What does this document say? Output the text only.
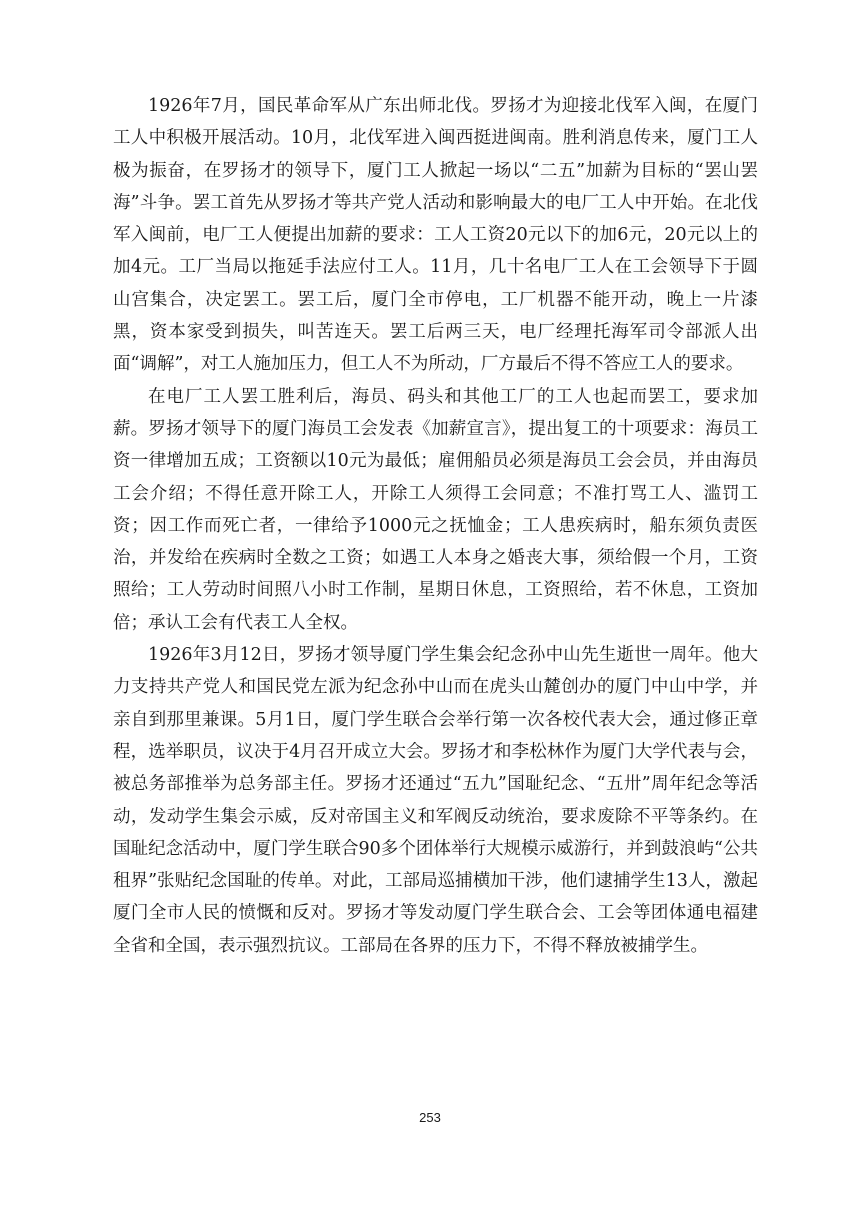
1926年7月，国民革命军从广东出师北伐。罗扬才为迎接北伐军入闽，在厦门工人中积极开展活动。10月，北伐军进入闽西挺进闽南。胜利消息传来，厦门工人极为振奋，在罗扬才的领导下，厦门工人掀起一场以“二五”加薪为目标的“罢山罢海”斗争。罢工首先从罗扬才等共产党人活动和影响最大的电厂工人中开始。在北伐军入闽前，电厂工人便提出加薪的要求：工人工资20元以下的加6元，20元以上的加4元。工厂当局以拖延手法应付工人。11月，几十名电厂工人在工会领导下于圆山宫集合，决定罢工。罢工后，厦门全市停电，工厂机器不能开动，晚上一片漆黑，资本家受到损失，叫苦连天。罢工后两三天，电厂经理托海军司令部派人出面“调解”，对工人施加压力，但工人不为所动，厂方最后不得不答应工人的要求。

在电厂工人罢工胜利后，海员、码头和其他工厂的工人也起而罢工，要求加薪。罗扬才领导下的厦门海员工会发表《加薪宣言》，提出复工的十项要求：海员工资一律增加五成；工资额以10元为最低；雇佣船员必须是海员工会会员，并由海员工会介绍；不得任意开除工人，开除工人须得工会同意；不准打骂工人、滥罚工资；因工作而死亡者，一律给予1000元之抚恤金；工人患疾病时，船东须负责医治，并发给在疾病时全数之工资；如遇工人本身之婚丧大事，须给假一个月，工资照给；工人劳动时间照八小时工作制，星期日休息，工资照给，若不休息，工资加倍；承认工会有代表工人全权。

1926年3月12日，罗扬才领导厦门学生集会纪念孙中山先生逝世一周年。他大力支持共产党人和国民党左派为纪念孙中山而在虎头山麓创办的厦门中山中学，并亲自到那里兼课。5月1日，厦门学生联合会举行第一次各校代表大会，通过修正章程，选举职员，议决于4月召开成立大会。罗扬才和李松林作为厦门大学代表与会，被总务部推举为总务部主任。罗扬才还通过“五九”国耻纪念、“五卅”周年纪念等活动，发动学生集会示威，反对帝国主义和军阀反动统治，要求废除不平等条约。在国耻纪念活动中，厦门学生联合90多个团体举行大规模示威游行，并到鼓浪屿“公共租界”张贴纪念国耻的传单。对此，工部局巡捕横加干涉，他们逮捕学生13人，激起厦门全市人民的愤慨和反对。罗扬才等发动厦门学生联合会、工会等团体通电福建全省和全国，表示强烈抗议。工部局在各界的压力下，不得不释放被捕学生。

253
